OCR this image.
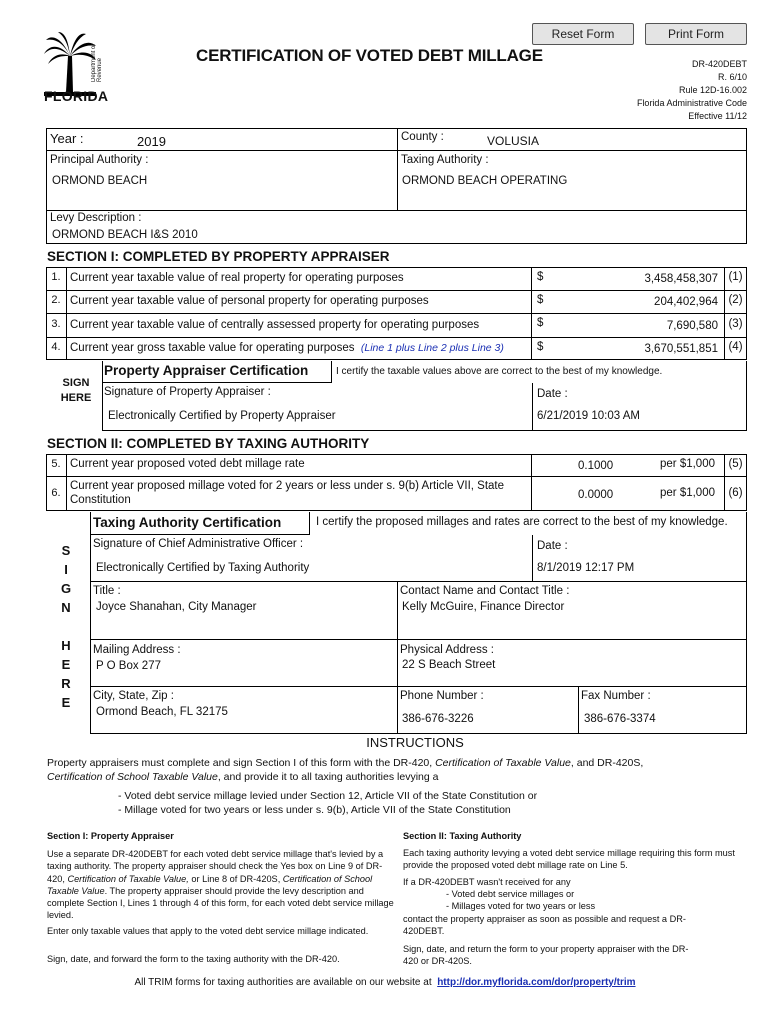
Reset Form	Print Form
Department of Revenue
FLORIDA
CERTIFICATION OF VOTED DEBT MILLAGE	DR-420DEBT
R. 6/10
Rule 12D-16.002
Florida Administrative Code
Effective 11/12
Year :	2019	County :	VOLUSIA
Principal Authority :
ORMOND BEACH
Taxing Authority :
ORMOND BEACH OPERATING
Levy Description :
ORMOND BEACH I&S 2010
SECTION I: COMPLETED BY PROPERTY APPRAISER
1. Current year taxable value of real property for operating purposes	$	3,458,458,307 (1)
2. Current year taxable value of personal property for operating purposes	$	204,402,964 (2)
3. Current year taxable value of centrally assessed property for operating purposes	$	7,690,580 (3)
4. Current year gross taxable value for operating purposes (Line 1 plus Line 2 plus Line 3)	$	3,670,551,851 (4)
SIGN
HERE
Property Appraiser Certification	I certify the taxable values above are correct to the best of my knowledge.
Signature of Property Appraiser :
Electronically Certified by Property Appraiser
Date :
6/21/2019 10:03 AM
SECTION II: COMPLETED BY TAXING AUTHORITY
5. Current year proposed voted debt millage rate	0.1000	per $1,000	(5)
6.
Current year proposed millage voted for 2 years or less under s. 9(b) Article VII, State
Constitution	0.0000	per $1,000	(6)
S
I
G
N
H
E
R
E
Taxing Authority Certification	I certify the proposed millages and rates are correct to the best of my knowledge.
Signature of Chief Administrative Officer :
Electronically Certified by Taxing Authority
Date :
8/1/2019 12:17 PM
Title :
Joyce Shanahan, City Manager
Contact Name and Contact Title :
Kelly McGuire, Finance Director
Mailing Address :
P O Box 277
Physical Address :
22 S Beach Street
City, State, Zip :
Ormond Beach, FL 32175
Phone Number :
386-676-3226
Fax Number :
386-676-3374
INSTRUCTIONS
Property appraisers must complete and sign Section I of this form with the DR-420, Certification of Taxable Value, and DR-420S,
Certification of School Taxable Value, and provide it to all taxing authorities levying a
- Voted debt service millage levied under Section 12, Article VII of the State Constitution or
- Millage voted for two years or less under s. 9(b), Article VII of the State Constitution
Section I: Property Appraiser
Use a separate DR-420DEBT for each voted debt service millage that's levied by a taxing authority. The property appraiser should check the Yes box on Line 9 of DR-420, Certification of Taxable Value, or Line 8 of DR-420S, Certification of School Taxable Value. The property appraiser should provide the levy description and complete Section I, Lines 1 through 4 of this form, for each voted debt service millage levied.
Enter only taxable values that apply to the voted debt service millage indicated.
Sign, date, and forward the form to the taxing authority with the DR-420.
Section II: Taxing Authority
Each taxing authority levying a voted debt service millage requiring this form must provide the proposed voted debt millage rate on Line 5.
If a DR-420DEBT wasn't received for any
- Voted debt service millages or
- Millages voted for two years or less
contact the property appraiser as soon as possible and request a DR-420DEBT.
Sign, date, and return the form to your property appraiser with the DR-420 or DR-420S.
All TRIM forms for taxing authorities are available on our website at http://dor.myflorida.com/dor/property/trim
